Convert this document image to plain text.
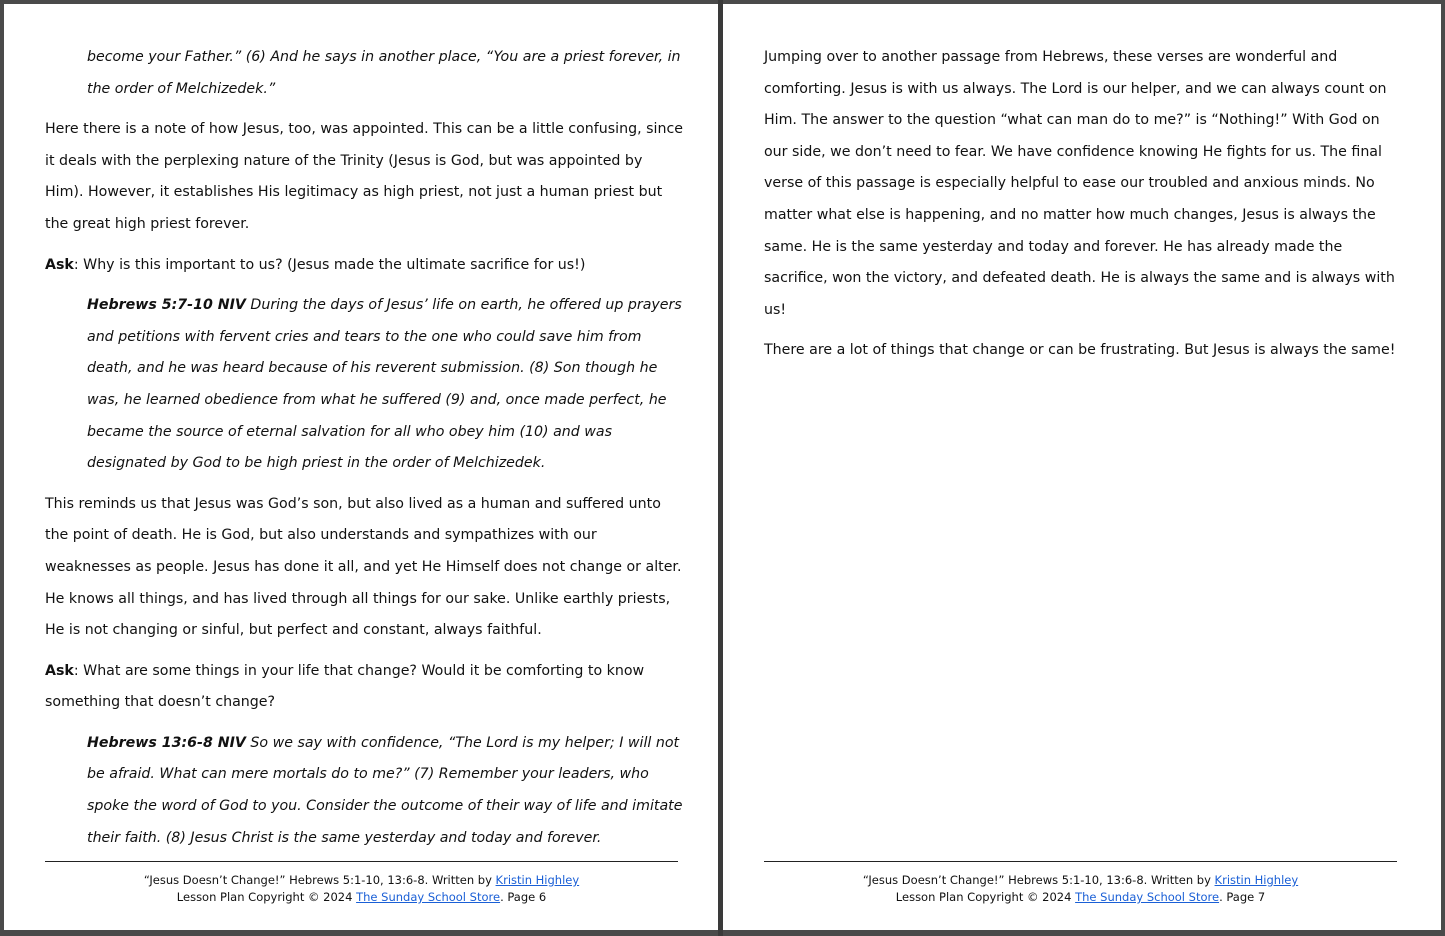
become your Father.” (6) And he says in another place, “You are a priest forever, in the order of Melchizedek.”

Here there is a note of how Jesus, too, was appointed. This can be a little confusing, since it deals with the perplexing nature of the Trinity (Jesus is God, but was appointed by Him). However, it establishes His legitimacy as high priest, not just a human priest but the great high priest forever.

Ask: Why is this important to us? (Jesus made the ultimate sacrifice for us!)

Hebrews 5:7-10 NIV During the days of Jesus’ life on earth, he offered up prayers and petitions with fervent cries and tears to the one who could save him from death, and he was heard because of his reverent submission. (8) Son though he was, he learned obedience from what he suffered (9) and, once made perfect, he became the source of eternal salvation for all who obey him (10) and was designated by God to be high priest in the order of Melchizedek.

This reminds us that Jesus was God’s son, but also lived as a human and suffered unto the point of death. He is God, but also understands and sympathizes with our weaknesses as people. Jesus has done it all, and yet He Himself does not change or alter. He knows all things, and has lived through all things for our sake. Unlike earthly priests, He is not changing or sinful, but perfect and constant, always faithful.

Ask: What are some things in your life that change? Would it be comforting to know something that doesn’t change?

Hebrews 13:6-8 NIV So we say with confidence, “The Lord is my helper; I will not be afraid. What can mere mortals do to me?” (7) Remember your leaders, who spoke the word of God to you. Consider the outcome of their way of life and imitate their faith. (8) Jesus Christ is the same yesterday and today and forever.

“Jesus Doesn’t Change!” Hebrews 5:1-10, 13:6-8. Written by Kristin Highley
Lesson Plan Copyright © 2024 The Sunday School Store. Page 6

Jumping over to another passage from Hebrews, these verses are wonderful and comforting. Jesus is with us always. The Lord is our helper, and we can always count on Him. The answer to the question “what can man do to me?” is “Nothing!” With God on our side, we don’t need to fear. We have confidence knowing He fights for us. The final verse of this passage is especially helpful to ease our troubled and anxious minds. No matter what else is happening, and no matter how much changes, Jesus is always the same. He is the same yesterday and today and forever. He has already made the sacrifice, won the victory, and defeated death. He is always the same and is always with us!

There are a lot of things that change or can be frustrating. But Jesus is always the same!

“Jesus Doesn’t Change!” Hebrews 5:1-10, 13:6-8. Written by Kristin Highley
Lesson Plan Copyright © 2024 The Sunday School Store. Page 7
